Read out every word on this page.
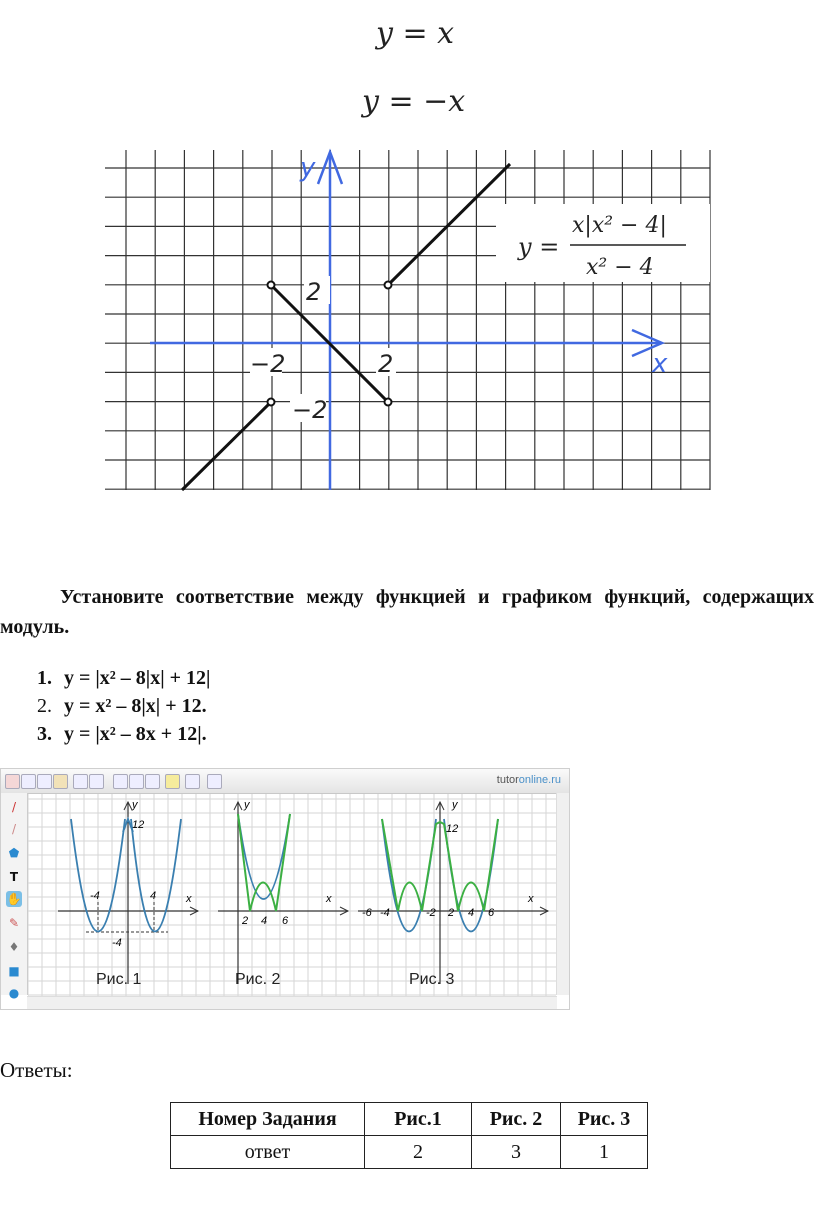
y = x
y = −x
y
x
y =
x|x² − 4|
x² − 4
2
−2	2
−2

Установите соответствие между функцией и графиком функций, содержащих модуль.

1. y = |x² – 8|x| + 12|
2. y = x² – 8|x| + 12.
3. y = |x² – 8x + 12|.
tutoronline.ru
/
/
⬟
T
✋
✎
♦
■
●
y
x
12
-4	4
-4
Рис. 1
y
x
2 4 6
Рис. 2
y
x
12
-6 -4	-2 2 4 6
Рис. 3
Ответы:
Номер Задания	Рис.1	Рис. 2	Рис. 3
ответ	2	3	1
